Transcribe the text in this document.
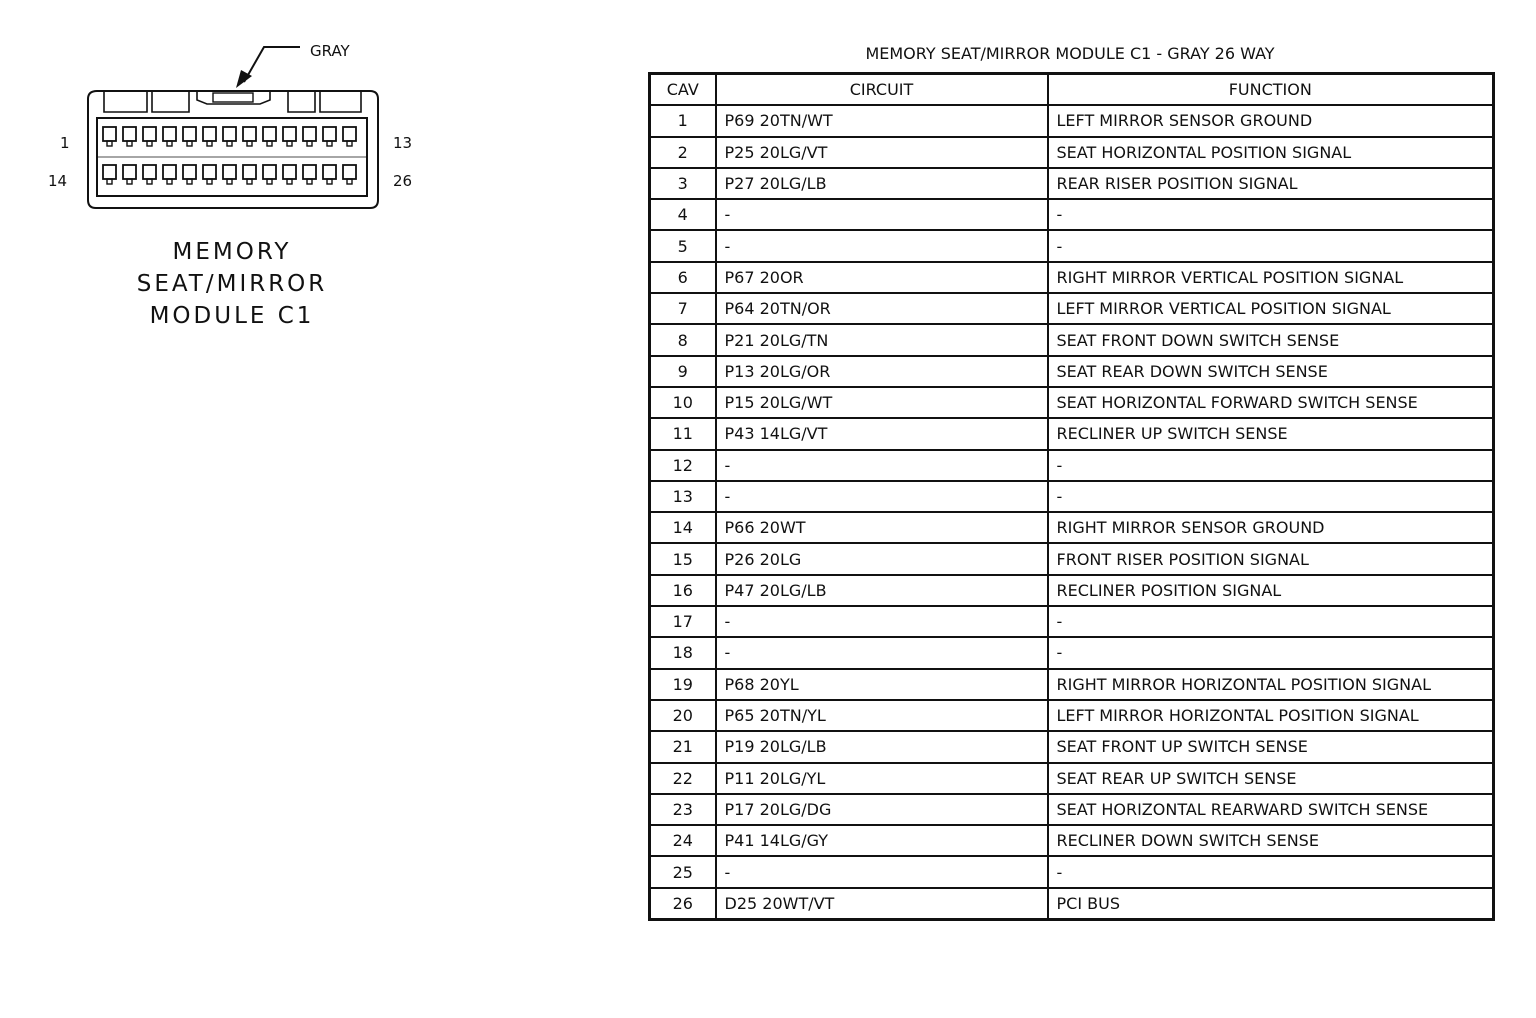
GRAY
1	13
14	26
MEMORY
SEAT/MIRROR
MODULE C1
MEMORY SEAT/MIRROR MODULE C1 - GRAY 26 WAY
CAV	CIRCUIT	FUNCTION
1	P69 20TN/WT	LEFT MIRROR SENSOR GROUND
2	P25 20LG/VT	SEAT HORIZONTAL POSITION SIGNAL
3	P27 20LG/LB	REAR RISER POSITION SIGNAL
4	-	-
5	-	-
6	P67 20OR	RIGHT MIRROR VERTICAL POSITION SIGNAL
7	P64 20TN/OR	LEFT MIRROR VERTICAL POSITION SIGNAL
8	P21 20LG/TN	SEAT FRONT DOWN SWITCH SENSE
9	P13 20LG/OR	SEAT REAR DOWN SWITCH SENSE
10	P15 20LG/WT	SEAT HORIZONTAL FORWARD SWITCH SENSE
11	P43 14LG/VT	RECLINER UP SWITCH SENSE
12	-	-
13	-	-
14	P66 20WT	RIGHT MIRROR SENSOR GROUND
15	P26 20LG	FRONT RISER POSITION SIGNAL
16	P47 20LG/LB	RECLINER POSITION SIGNAL
17	-	-
18	-	-
19	P68 20YL	RIGHT MIRROR HORIZONTAL POSITION SIGNAL
20	P65 20TN/YL	LEFT MIRROR HORIZONTAL POSITION SIGNAL
21	P19 20LG/LB	SEAT FRONT UP SWITCH SENSE
22	P11 20LG/YL	SEAT REAR UP SWITCH SENSE
23	P17 20LG/DG	SEAT HORIZONTAL REARWARD SWITCH SENSE
24	P41 14LG/GY	RECLINER DOWN SWITCH SENSE
25	-	-
26	D25 20WT/VT	PCI BUS
